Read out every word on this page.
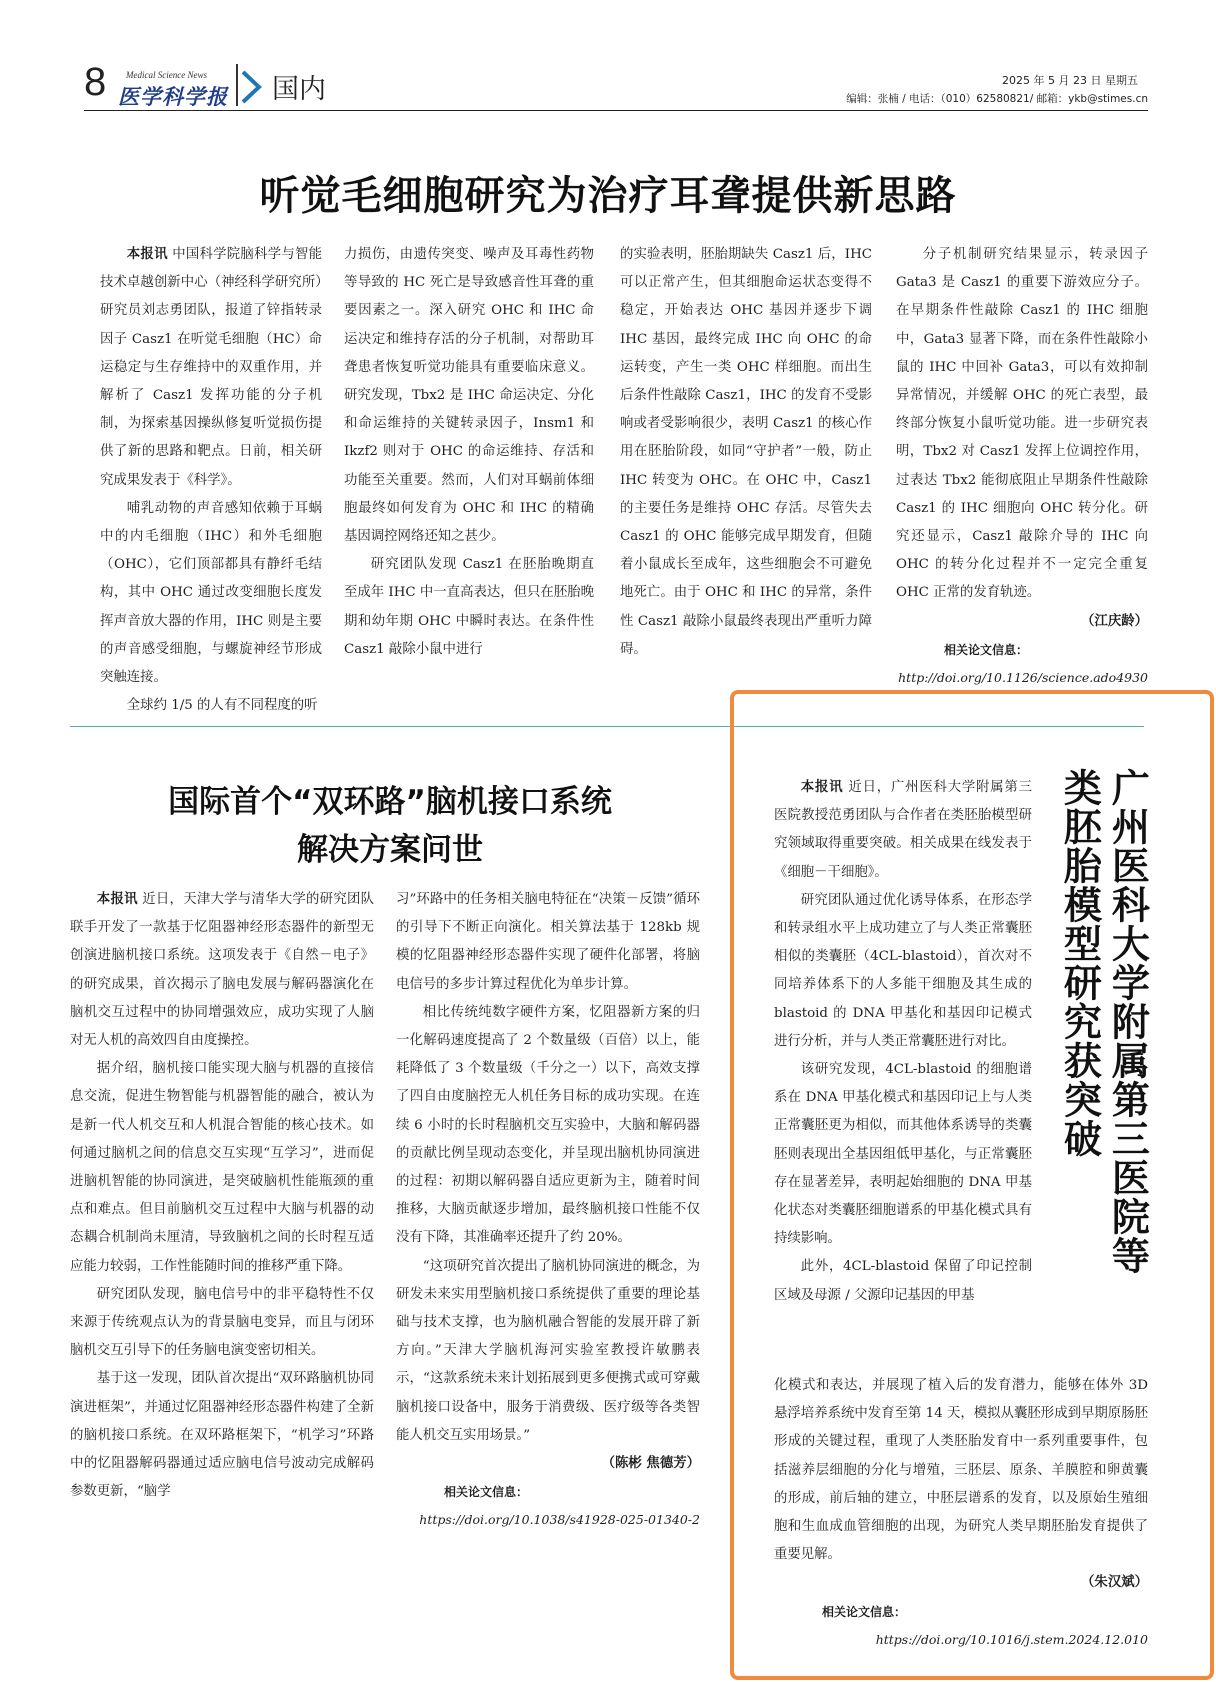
8 Medical Science News
医学科学报 国内	2025 年 5 月 23 日 星期五
编辑：张楠 / 电话：（010）62580821/ 邮箱：ykb@stimes.cn
听觉毛细胞研究为治疗耳聋提供新思路

本报讯 中国科学院脑科学与智能技术卓越创新中心（神经科学研究所）研究员刘志勇团队，报道了锌指转录因子 Casz1 在听觉毛细胞（HC）命运稳定与生存维持中的双重作用，并解析了 Casz1 发挥功能的分子机制，为探索基因操纵修复听觉损伤提供了新的思路和靶点。日前，相关研究成果发表于《科学》。

哺乳动物的声音感知依赖于耳蜗中的内毛细胞（IHC）和外毛细胞（OHC），它们顶部都具有静纤毛结构，其中 OHC 通过改变细胞长度发挥声音放大器的作用，IHC 则是主要的声音感受细胞，与螺旋神经节形成突触连接。

全球约 1/5 的人有不同程度的听

力损伤，由遗传突变、噪声及耳毒性药物等导致的 HC 死亡是导致感音性耳聋的重要因素之一。深入研究 OHC 和 IHC 命运决定和维持存活的分子机制，对帮助耳聋患者恢复听觉功能具有重要临床意义。研究发现，Tbx2 是 IHC 命运决定、分化和命运维持的关键转录因子，Insm1 和 Ikzf2 则对于 OHC 的命运维持、存活和功能至关重要。然而，人们对耳蜗前体细胞最终如何发育为 OHC 和 IHC 的精确基因调控网络还知之甚少。

研究团队发现 Casz1 在胚胎晚期直至成年 IHC 中一直高表达，但只在胚胎晚期和幼年期 OHC 中瞬时表达。在条件性 Casz1 敲除小鼠中进行

的实验表明，胚胎期缺失 Casz1 后，IHC 可以正常产生，但其细胞命运状态变得不稳定，开始表达 OHC 基因并逐步下调 IHC 基因，最终完成 IHC 向 OHC 的命运转变，产生一类 OHC 样细胞。而出生后条件性敲除 Casz1，IHC 的发育不受影响或者受影响很少，表明 Casz1 的核心作用在胚胎阶段，如同“守护者”一般，防止 IHC 转变为 OHC。在 OHC 中，Casz1 的主要任务是维持 OHC 存活。尽管失去 Casz1 的 OHC 能够完成早期发育，但随着小鼠成长至成年，这些细胞会不可避免地死亡。由于 OHC 和 IHC 的异常，条件性 Casz1 敲除小鼠最终表现出严重听力障碍。

分子机制研究结果显示，转录因子 Gata3 是 Casz1 的重要下游效应分子。在早期条件性敲除 Casz1 的 IHC 细胞中，Gata3 显著下降，而在条件性敲除小鼠的 IHC 中回补 Gata3，可以有效抑制异常情况，并缓解 OHC 的死亡表型，最终部分恢复小鼠听觉功能。进一步研究表明，Tbx2 对 Casz1 发挥上位调控作用，过表达 Tbx2 能彻底阻止早期条件性敲除 Casz1 的 IHC 细胞向 OHC 转分化。研究还显示，Casz1 敲除介导的 IHC 向 OHC 的转分化过程并不一定完全重复 OHC 正常的发育轨迹。

（江庆龄）

相关论文信息：

http://doi.org/10.1126/science.ado4930

国际首个“双环路”脑机接口系统
解决方案问世

本报讯 近日，天津大学与清华大学的研究团队联手开发了一款基于忆阻器神经形态器件的新型无创演进脑机接口系统。这项发表于《自然－电子》的研究成果，首次揭示了脑电发展与解码器演化在脑机交互过程中的协同增强效应，成功实现了人脑对无人机的高效四自由度操控。

据介绍，脑机接口能实现大脑与机器的直接信息交流，促进生物智能与机器智能的融合，被认为是新一代人机交互和人机混合智能的核心技术。如何通过脑机之间的信息交互实现“互学习”，进而促进脑机智能的协同演进，是突破脑机性能瓶颈的重点和难点。但目前脑机交互过程中大脑与机器的动态耦合机制尚未厘清，导致脑机之间的长时程互适应能力较弱，工作性能随时间的推移严重下降。

研究团队发现，脑电信号中的非平稳特性不仅来源于传统观点认为的背景脑电变异，而且与闭环脑机交互引导下的任务脑电演变密切相关。

基于这一发现，团队首次提出“双环路脑机协同演进框架”，并通过忆阻器神经形态器件构建了全新的脑机接口系统。在双环路框架下，“机学习”环路中的忆阻器解码器通过适应脑电信号波动完成解码参数更新，“脑学

习”环路中的任务相关脑电特征在“决策－反馈”循环的引导下不断正向演化。相关算法基于 128kb 规模的忆阻器神经形态器件实现了硬件化部署，将脑电信号的多步计算过程优化为单步计算。

相比传统纯数字硬件方案，忆阻器新方案的归一化解码速度提高了 2 个数量级（百倍）以上，能耗降低了 3 个数量级（千分之一）以下，高效支撑了四自由度脑控无人机任务目标的成功实现。在连续 6 小时的长时程脑机交互实验中，大脑和解码器的贡献比例呈现动态变化，并呈现出脑机协同演进的过程：初期以解码器自适应更新为主，随着时间推移，大脑贡献逐步增加，最终脑机接口性能不仅没有下降，其准确率还提升了约 20%。

“这项研究首次提出了脑机协同演进的概念，为研发未来实用型脑机接口系统提供了重要的理论基础与技术支撑，也为脑机融合智能的发展开辟了新方向。”天津大学脑机海河实验室教授许敏鹏表示，“这款系统未来计划拓展到更多便携式或可穿戴脑机接口设备中，服务于消费级、医疗级等各类智能人机交互实用场景。”

（陈彬 焦德芳）

相关论文信息：

https://doi.org/10.1038/s41928-025-01340-2

广州医科大学附属第三医院等
类胚胎模型研究获突破

本报讯 近日，广州医科大学附属第三医院教授范勇团队与合作者在类胚胎模型研究领域取得重要突破。相关成果在线发表于《细胞－干细胞》。

研究团队通过优化诱导体系，在形态学和转录组水平上成功建立了与人类正常囊胚相似的类囊胚（4CL-blastoid），首次对不同培养体系下的人多能干细胞及其生成的 blastoid 的 DNA 甲基化和基因印记模式进行分析，并与人类正常囊胚进行对比。

该研究发现，4CL-blastoid 的细胞谱系在 DNA 甲基化模式和基因印记上与人类正常囊胚更为相似，而其他体系诱导的类囊胚则表现出全基因组低甲基化，与正常囊胚存在显著差异，表明起始细胞的 DNA 甲基化状态对类囊胚细胞谱系的甲基化模式具有持续影响。

此外，4CL-blastoid 保留了印记控制区域及母源 / 父源印记基因的甲基

化模式和表达，并展现了植入后的发育潜力，能够在体外 3D 悬浮培养系统中发育至第 14 天，模拟从囊胚形成到早期原肠胚形成的关键过程，重现了人类胚胎发育中一系列重要事件，包括滋养层细胞的分化与增殖，三胚层、原条、羊膜腔和卵黄囊的形成，前后轴的建立，中胚层谱系的发育，以及原始生殖细胞和生血成血管细胞的出现，为研究人类早期胚胎发育提供了重要见解。

（朱汉斌）

相关论文信息：

https://doi.org/10.1016/j.stem.2024.12.010
